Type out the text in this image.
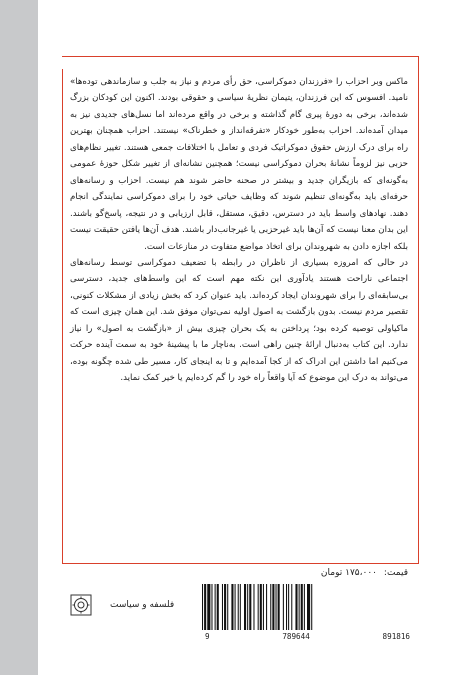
ماکس وبر احزاب را «فرزندان دموکراسی، حق رأی مردم و نیاز به جلب و سازماندهی توده‌ها» نامید. افسوس که این فرزندان، یتیمان نظریهٔ سیاسی و حقوقی بودند. اکنون این کودکان بزرگ شده‌اند، برخی به دورهٔ پیری گام گذاشته و برخی در واقع مرده‌اند اما نسل‌های جدیدی نیز به میدان آمده‌اند. احزاب به‌طور خودکار «تفرقه‌انداز و خطرناک» نیستند. احزاب همچنان بهترین راه برای درک ارزش حقوق دموکراتیک فردی و تعامل با اختلافات جمعی هستند. تغییر نظام‌های حزبی نیز لزوماً نشانهٔ بحران دموکراسی نیست؛ همچنین نشانه‌ای از تغییر شکل حوزهٔ عمومی به‌گونه‌ای که بازیگران جدید و بیشتر در صحنه حاضر شوند هم نیست. احزاب و رسانه‌های حرفه‌ای باید به‌گونه‌ای تنظیم شوند که وظایف حیاتی خود را برای دموکراسی نمایندگی انجام دهند. نهادهای واسط باید در دسترس، دقیق، مستقل، قابل ارزیابی و در نتیجه، پاسخ‌گو باشند. این بدان معنا نیست که آن‌ها باید غیرحزبی یا غیرجانب‌دار باشند. هدف آن‌ها یافتن حقیقت نیست بلکه اجازه دادن به شهروندان برای اتخاذ مواضع متفاوت در منازعات است.

در حالی که امروزه بسیاری از ناظران در رابطه با تضعیف دموکراسی توسط رسانه‌های اجتماعی ناراحت هستند یادآوری این نکته مهم است که این واسط‌های جدید، دسترسی بی‌سابقه‌ای را برای شهروندان ایجاد کرده‌اند. باید عنوان کرد که بخش زیادی از مشکلات کنونی، تقصیر مردم نیست. بدون بازگشت به اصول اولیه نمی‌توان موفق شد. این همان چیزی است که ماکیاولی توصیه کرده بود؛ پرداختن به یک بحران چیزی بیش از «بازگشت به اصول» را نیاز ندارد. این کتاب به‌دنبال ارائهٔ چنین راهی است. به‌ناچار ما با پیشینهٔ خود به سمت آینده حرکت می‌کنیم اما داشتن این ادراک که از کجا آمده‌ایم و تا به اینجای کار، مسیر طی شده چگونه بوده، می‌تواند به درک این موضوع که آیا واقعاً راه خود را گم کرده‌ایم یا خیر کمک نماید.

قیمت: ۱۷۵،۰۰۰ تومان
فلسفه و سیاست
9	789644	891816
